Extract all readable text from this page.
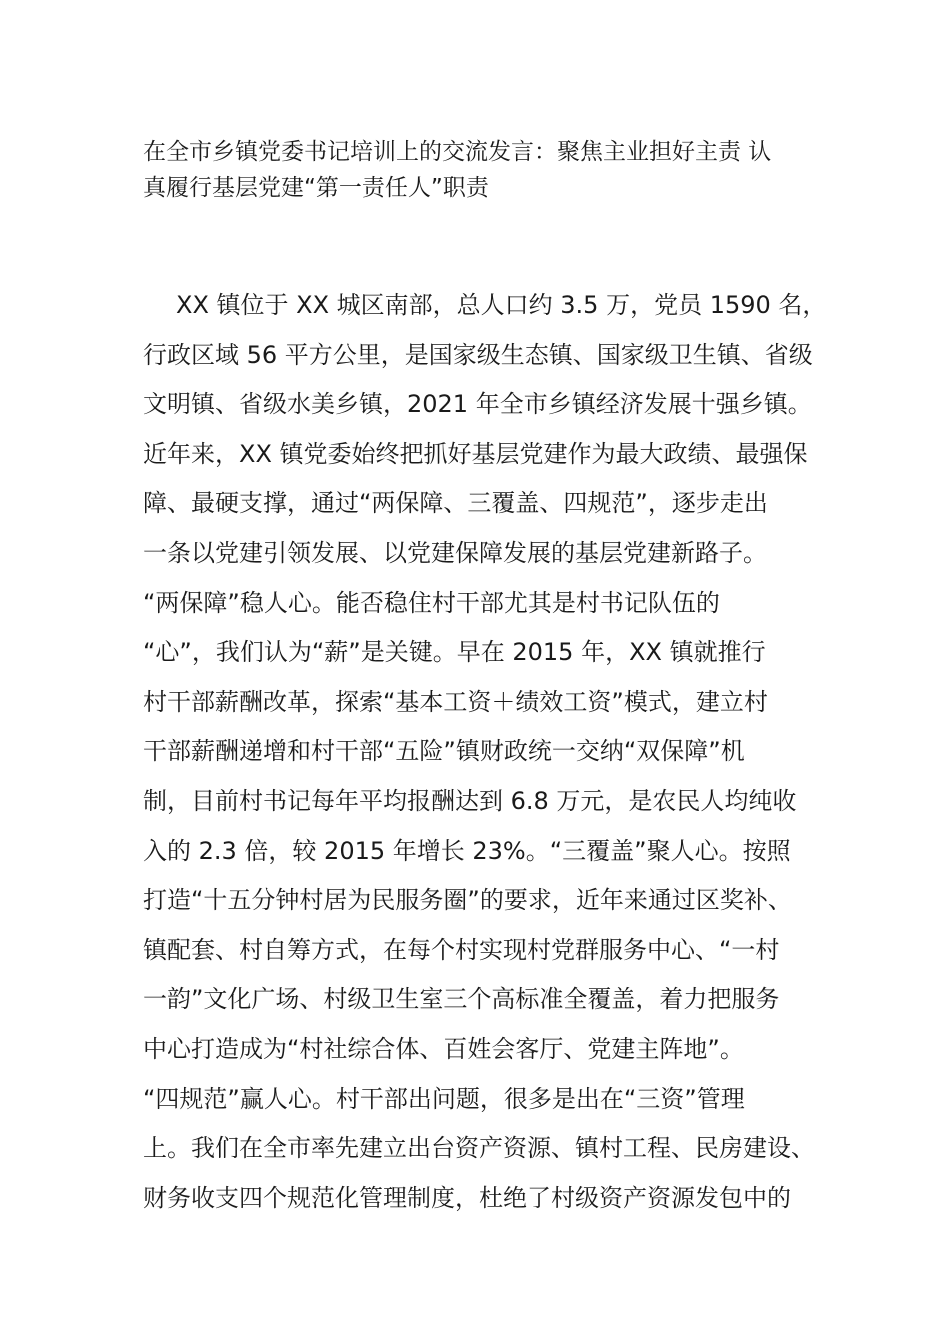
在全市乡镇党委书记培训上的交流发言：聚焦主业担好主责 认
真履行基层党建“第一责任人”职责
XX 镇位于 XX 城区南部，总人口约 3.5 万，党员 1590 名，
行政区域 56 平方公里，是国家级生态镇、国家级卫生镇、省级
文明镇、省级水美乡镇，2021 年全市乡镇经济发展十强乡镇。
近年来，XX 镇党委始终把抓好基层党建作为最大政绩、最强保
障、最硬支撑，通过“两保障、三覆盖、四规范”，逐步走出
一条以党建引领发展、以党建保障发展的基层党建新路子。
“两保障”稳人心。能否稳住村干部尤其是村书记队伍的
“心”，我们认为“薪”是关键。早在 2015 年，XX 镇就推行
村干部薪酬改革，探索“基本工资＋绩效工资”模式，建立村
干部薪酬递增和村干部“五险”镇财政统一交纳“双保障”机
制，目前村书记每年平均报酬达到 6.8 万元，是农民人均纯收
入的 2.3 倍，较 2015 年增长 23%。“三覆盖”聚人心。按照
打造“十五分钟村居为民服务圈”的要求，近年来通过区奖补、
镇配套、村自筹方式，在每个村实现村党群服务中心、“一村
一韵”文化广场、村级卫生室三个高标准全覆盖，着力把服务
中心打造成为“村社综合体、百姓会客厅、党建主阵地”。
“四规范”赢人心。村干部出问题，很多是出在“三资”管理
上。我们在全市率先建立出台资产资源、镇村工程、民房建设、
财务收支四个规范化管理制度，杜绝了村级资产资源发包中的
